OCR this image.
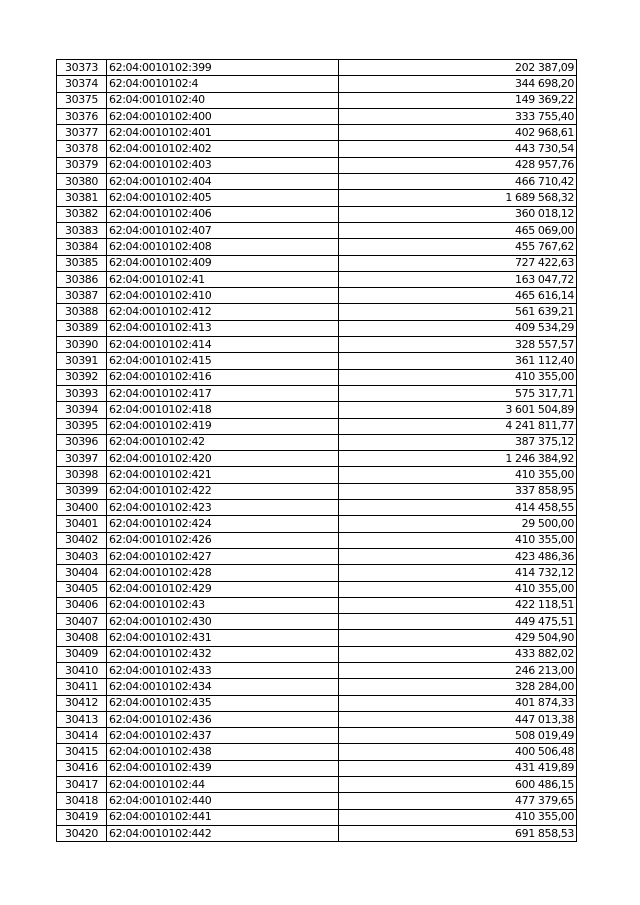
30373	62:04:0010102:399	202 387,09
30374	62:04:0010102:4	344 698,20
30375	62:04:0010102:40	149 369,22
30376	62:04:0010102:400	333 755,40
30377	62:04:0010102:401	402 968,61
30378	62:04:0010102:402	443 730,54
30379	62:04:0010102:403	428 957,76
30380	62:04:0010102:404	466 710,42
30381	62:04:0010102:405	1 689 568,32
30382	62:04:0010102:406	360 018,12
30383	62:04:0010102:407	465 069,00
30384	62:04:0010102:408	455 767,62
30385	62:04:0010102:409	727 422,63
30386	62:04:0010102:41	163 047,72
30387	62:04:0010102:410	465 616,14
30388	62:04:0010102:412	561 639,21
30389	62:04:0010102:413	409 534,29
30390	62:04:0010102:414	328 557,57
30391	62:04:0010102:415	361 112,40
30392	62:04:0010102:416	410 355,00
30393	62:04:0010102:417	575 317,71
30394	62:04:0010102:418	3 601 504,89
30395	62:04:0010102:419	4 241 811,77
30396	62:04:0010102:42	387 375,12
30397	62:04:0010102:420	1 246 384,92
30398	62:04:0010102:421	410 355,00
30399	62:04:0010102:422	337 858,95
30400	62:04:0010102:423	414 458,55
30401	62:04:0010102:424	29 500,00
30402	62:04:0010102:426	410 355,00
30403	62:04:0010102:427	423 486,36
30404	62:04:0010102:428	414 732,12
30405	62:04:0010102:429	410 355,00
30406	62:04:0010102:43	422 118,51
30407	62:04:0010102:430	449 475,51
30408	62:04:0010102:431	429 504,90
30409	62:04:0010102:432	433 882,02
30410	62:04:0010102:433	246 213,00
30411	62:04:0010102:434	328 284,00
30412	62:04:0010102:435	401 874,33
30413	62:04:0010102:436	447 013,38
30414	62:04:0010102:437	508 019,49
30415	62:04:0010102:438	400 506,48
30416	62:04:0010102:439	431 419,89
30417	62:04:0010102:44	600 486,15
30418	62:04:0010102:440	477 379,65
30419	62:04:0010102:441	410 355,00
30420	62:04:0010102:442	691 858,53
